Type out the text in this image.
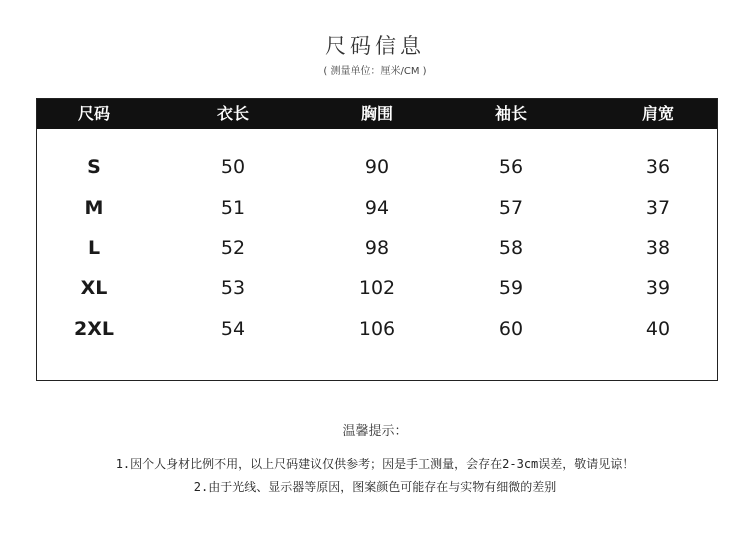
尺码信息
( 测量单位：厘米/CM )
尺码	衣长	胸围	袖长	肩宽
S	50	90	56	36
M	51	94	57	37
L	52	98	58	38
XL	53	102	59	39
2XL	54	106	60	40
温馨提示：
1.因个人身材比例不用，以上尺码建议仅供参考；因是手工测量，会存在2-3cm误差，敬请见谅！
2.由于光线、显示器等原因，图案颜色可能存在与实物有细微的差别
